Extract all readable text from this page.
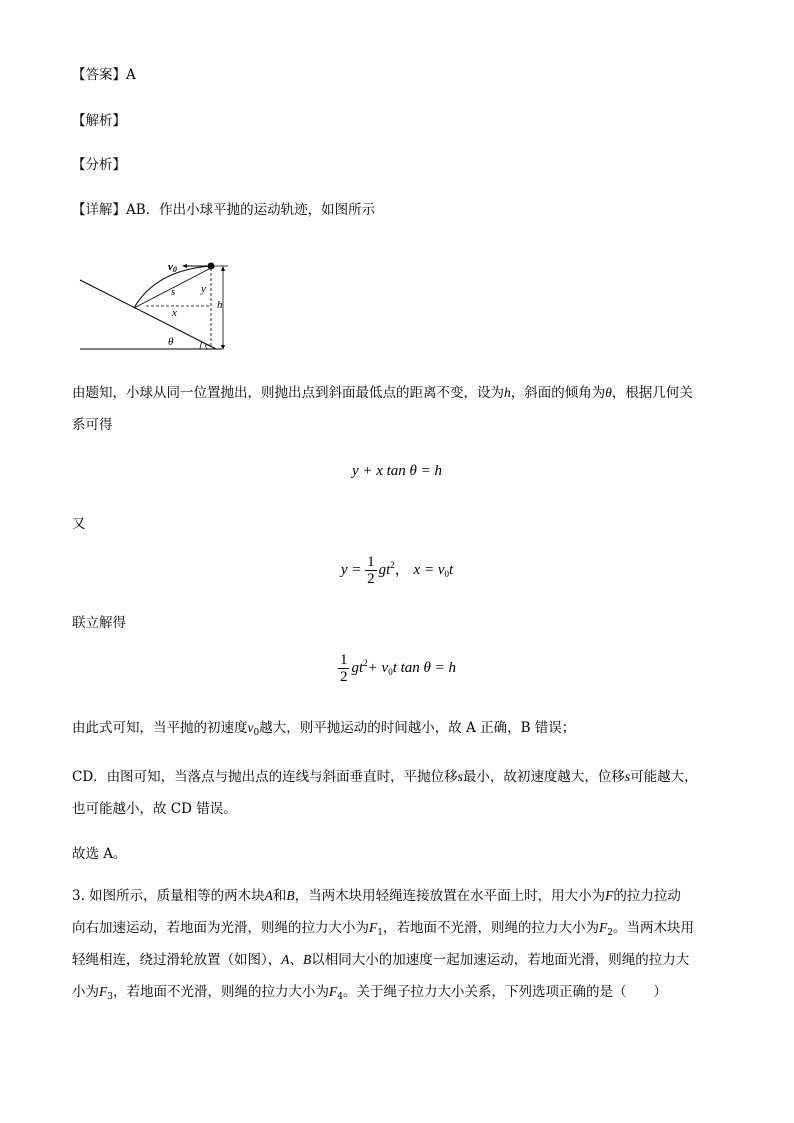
【答案】A
【解析】
【分析】
【详解】AB．作出小球平抛的运动轨迹，如图所示
v0
s y
h
x
θ
由题知，小球从同一位置抛出，则抛出点到斜面最低点的距离不变，设为h，斜面的倾角为θ，根据几何关
系可得
y + x tan θ = h
又
$y = \frac{1}{2} gt^2$， $x = v_0t$
联立解得
$\frac{1}{2} gt^2+ v_0t$ tan θ = h
由此式可知，当平抛的初速度$v_0$越大，则平抛运动的时间越小，故 A 正确，B 错误；
CD．由图可知，当落点与抛出点的连线与斜面垂直时，平抛位移s最小，故初速度越大，位移s可能越大，
也可能越小，故 CD 错误。
故选 A。
3. 如图所示，质量相等的两木块A和B，当两木块用轻绳连接放置在水平面上时，用大小为F的拉力拉动
向右加速运动，若地面为光滑，则绳的拉力大小为$F_1$，若地面不光滑，则绳的拉力大小为$F_2$。当两木块用
轻绳相连，绕过滑轮放置（如图），A、B以相同大小的加速度一起加速运动，若地面光滑，则绳的拉力大
小为$F_3$，若地面不光滑，则绳的拉力大小为$F_4$。关于绳子拉力大小关系，下列选项正确的是（　　）
